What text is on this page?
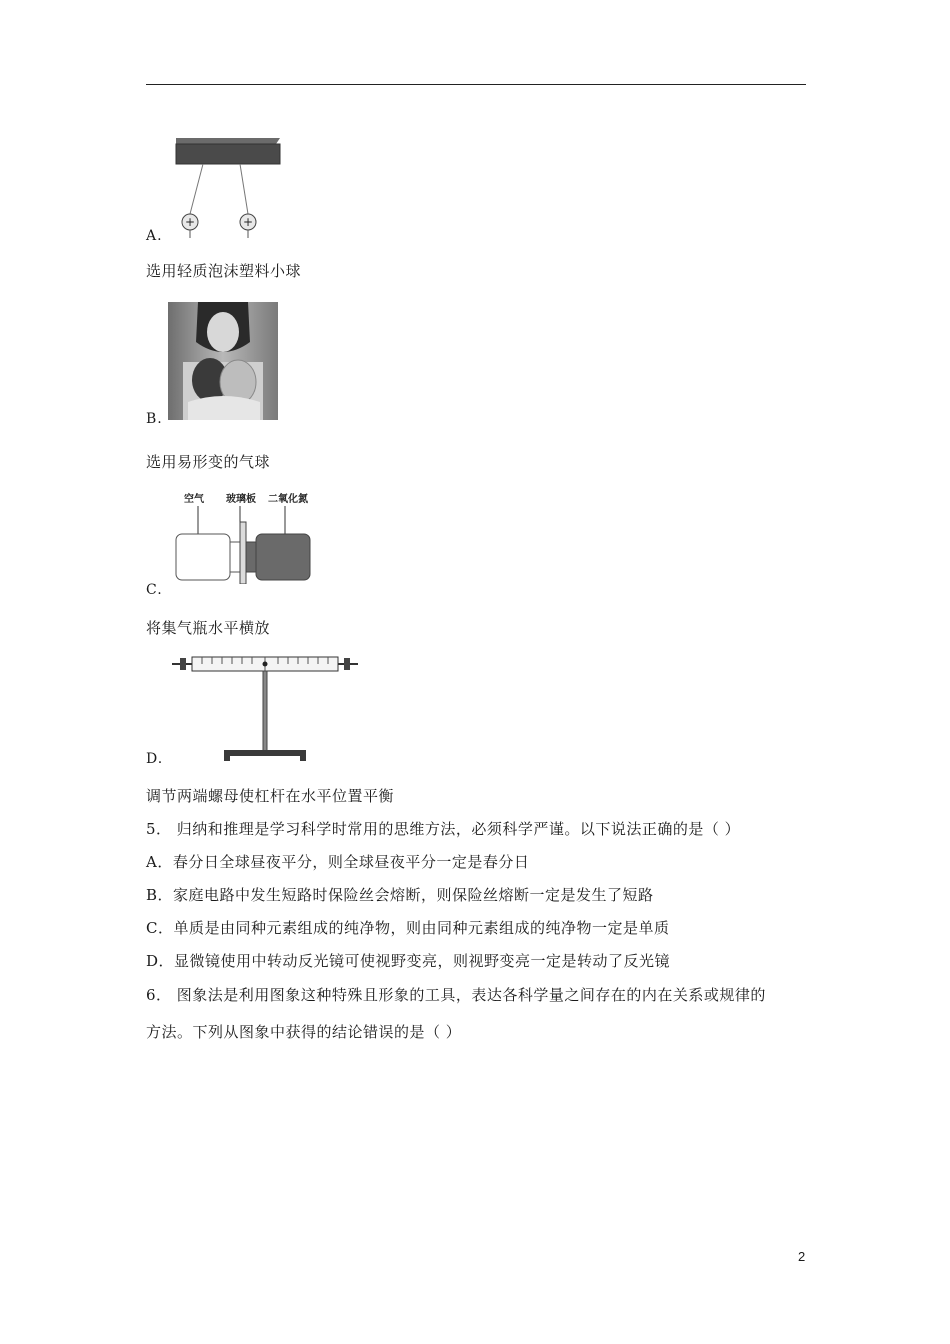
+	+
A.
选用轻质泡沫塑料小球
B.
选用易形变的气球
空气 玻璃板 二氧化氮
C.
将集气瓶水平横放
D.
调节两端螺母使杠杆在水平位置平衡
5． 归纳和推理是学习科学时常用的思维方法，必须科学严谨。以下说法正确的是（ ）
A．春分日全球昼夜平分，则全球昼夜平分一定是春分日
B．家庭电路中发生短路时保险丝会熔断，则保险丝熔断一定是发生了短路
C．单质是由同种元素组成的纯净物，则由同种元素组成的纯净物一定是单质
D．显微镜使用中转动反光镜可使视野变亮，则视野变亮一定是转动了反光镜
6． 图象法是利用图象这种特殊且形象的工具，表达各科学量之间存在的内在关系或规律的
方法。下列从图象中获得的结论错误的是（ ）
2
